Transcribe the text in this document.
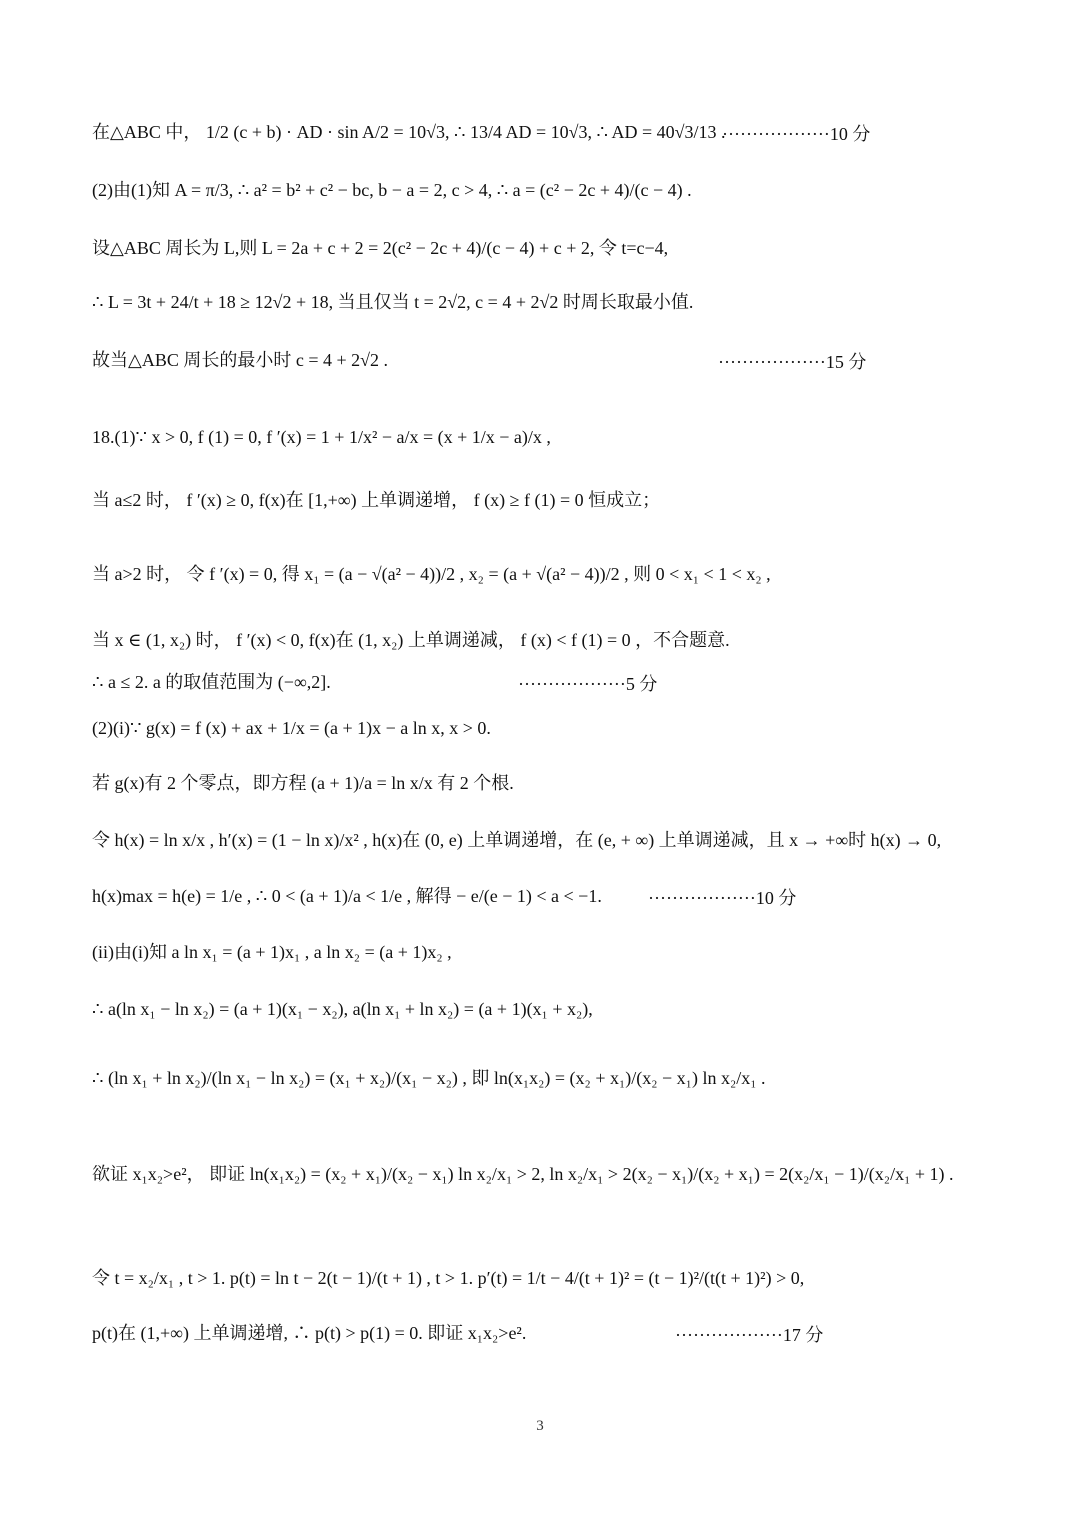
在△ABC 中， 1/2 (c + b) · AD · sin A/2 = 10√3, ∴ 13/4 AD = 10√3, ∴ AD = 40√3/13 .
··················10 分
(2)由(1)知 A = π/3, ∴ a² = b² + c² − bc, b − a = 2, c > 4, ∴ a = (c² − 2c + 4)/(c − 4) .
设△ABC 周长为 L,则 L = 2a + c + 2 = 2(c² − 2c + 4)/(c − 4) + c + 2, 令 t=c−4,
∴ L = 3t + 24/t + 18 ≥ 12√2 + 18, 当且仅当 t = 2√2, c = 4 + 2√2 时周长取最小值.
故当△ABC 周长的最小时 c = 4 + 2√2 .	··················15 分
18.(1)∵ x > 0, f (1) = 0, f ′(x) = 1 + 1/x² − a/x = (x + 1/x − a)/x ,
当 a≤2 时， f ′(x) ≥ 0, f(x)在 [1,+∞) 上单调递增， f (x) ≥ f (1) = 0 恒成立；
当 a>2 时， 令 f ′(x) = 0, 得 x₁ = (a − √(a² − 4))/2 , x₂ = (a + √(a² − 4))/2 , 则 0 < x₁ < 1 < x₂ ,
当 x ∈ (1, x₂) 时， f ′(x) < 0, f(x)在 (1, x₂) 上单调递减， f (x) < f (1) = 0 ，不合题意.
∴ a ≤ 2. a 的取值范围为 (−∞,2].	··················5 分
(2)(i)∵ g(x) = f (x) + ax + 1/x = (a + 1)x − a ln x, x > 0.
若 g(x)有 2 个零点，即方程 (a + 1)/a = ln x/x 有 2 个根.
令 h(x) = ln x/x , h′(x) = (1 − ln x)/x² , h(x)在 (0, e) 上单调递增，在 (e, + ∞) 上单调递减，且 x → +∞时 h(x) → 0,
h(x)max = h(e) = 1/e , ∴ 0 < (a + 1)/a < 1/e , 解得 − e/(e − 1) < a < −1.	··················10 分
(ii)由(i)知 a ln x₁ = (a + 1)x₁ , a ln x₂ = (a + 1)x₂ ,
∴ a(ln x₁ − ln x₂) = (a + 1)(x₁ − x₂), a(ln x₁ + ln x₂) = (a + 1)(x₁ + x₂),
∴ (ln x₁ + ln x₂)/(ln x₁ − ln x₂) = (x₁ + x₂)/(x₁ − x₂) , 即 ln(x₁x₂) = (x₂ + x₁)/(x₂ − x₁) ln x₂/x₁ .
欲证 x₁x₂>e²， 即证 ln(x₁x₂) = (x₂ + x₁)/(x₂ − x₁) ln x₂/x₁ > 2, ln x₂/x₁ > 2(x₂ − x₁)/(x₂ + x₁) = 2(x₂/x₁ − 1)/(x₂/x₁ + 1) .
令 t = x₂/x₁ , t > 1. p(t) = ln t − 2(t − 1)/(t + 1) , t > 1. p′(t) = 1/t − 4/(t + 1)² = (t − 1)²/(t(t + 1)²) > 0,
p(t)在 (1,+∞) 上单调递增, ∴ p(t) > p(1) = 0. 即证 x₁x₂>e².	··················17 分
3
